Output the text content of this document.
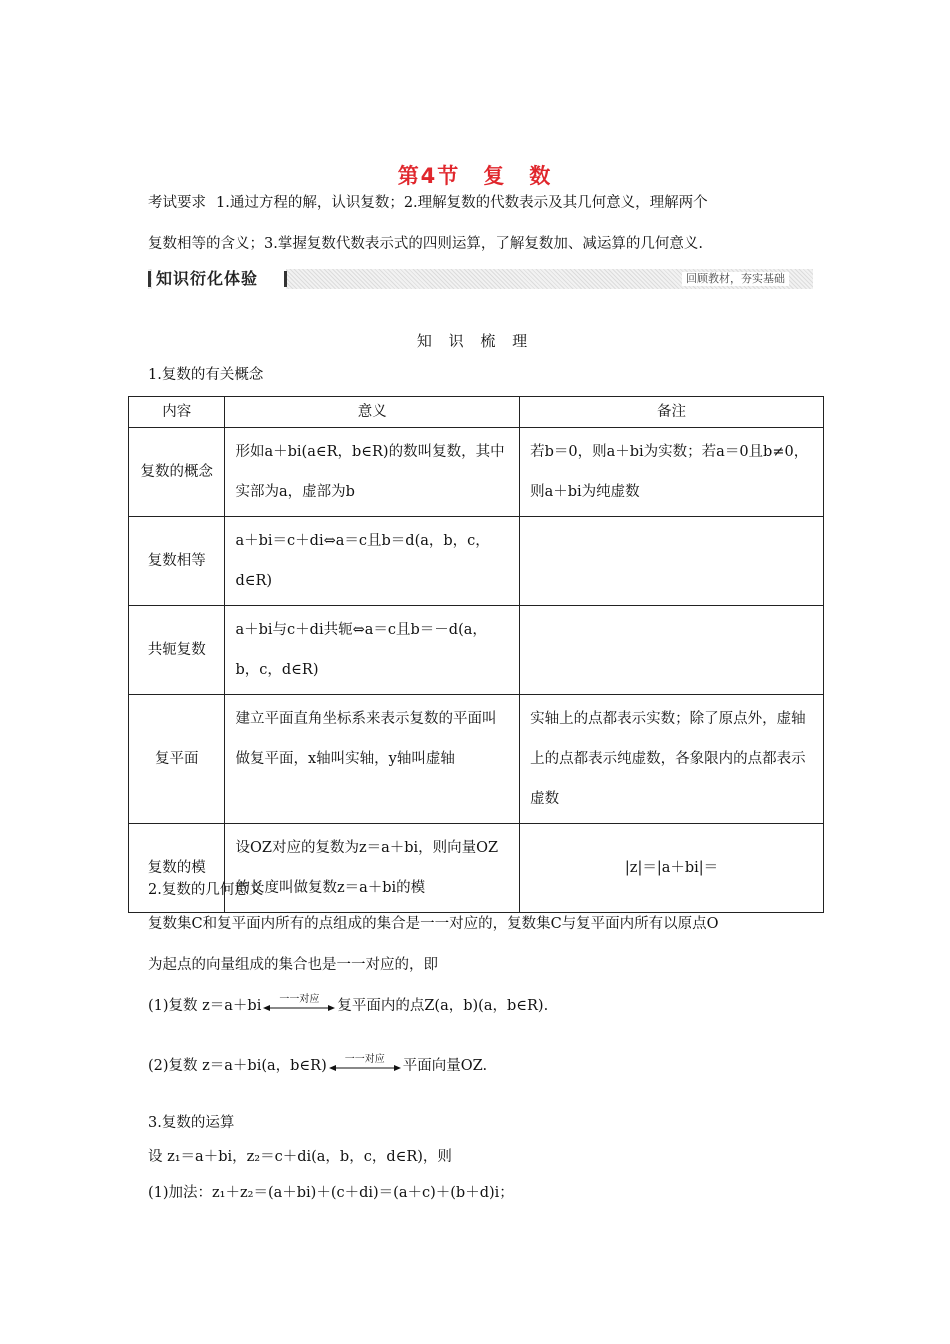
第4节　复　数
考试要求 1.通过方程的解，认识复数；2.理解复数的代数表示及其几何意义，理解两个
复数相等的含义；3.掌握复数代数表示式的四则运算，了解复数加、减运算的几何意义.
知识衍化体验	回顾教材，夯实基础
知 识 梳 理
1.复数的有关概念
内容	意义	备注
复数的概念	形如a＋bi(a∈R，b∈R)的数叫复数，其中实部为a，虚部为b	若b＝0，则a＋bi为实数；若a＝0且b≠0，则a＋bi为纯虚数
复数相等	a＋bi＝c＋di⇔a＝c且b＝d(a，b，c，d∈R)	
共轭复数	a＋bi与c＋di共轭⇔a＝c且b＝－d(a，b，c，d∈R)	
复平面	建立平面直角坐标系来表示复数的平面叫做复平面，x轴叫实轴，y轴叫虚轴	实轴上的点都表示实数；除了原点外，虚轴上的点都表示纯虚数，各象限内的点都表示虚数
复数的模	设OZ对应的复数为z＝a＋bi，则向量OZ的长度叫做复数z＝a＋bi的模	|z|＝|a＋bi|＝
2.复数的几何意义
复数集C和复平面内所有的点组成的集合是一一对应的，复数集C与复平面内所有以原点O
为起点的向量组成的集合也是一一对应的，即
(1)复数 z＝a＋bi	一一对应	复平面内的点Z(a，b)(a，b∈R).
(2)复数 z＝a＋bi(a，b∈R)	一一对应	平面向量OZ.
3.复数的运算
设 z₁＝a＋bi，z₂＝c＋di(a，b，c，d∈R)，则
(1)加法：z₁＋z₂＝(a＋bi)＋(c＋di)＝(a＋c)＋(b＋d)i；
